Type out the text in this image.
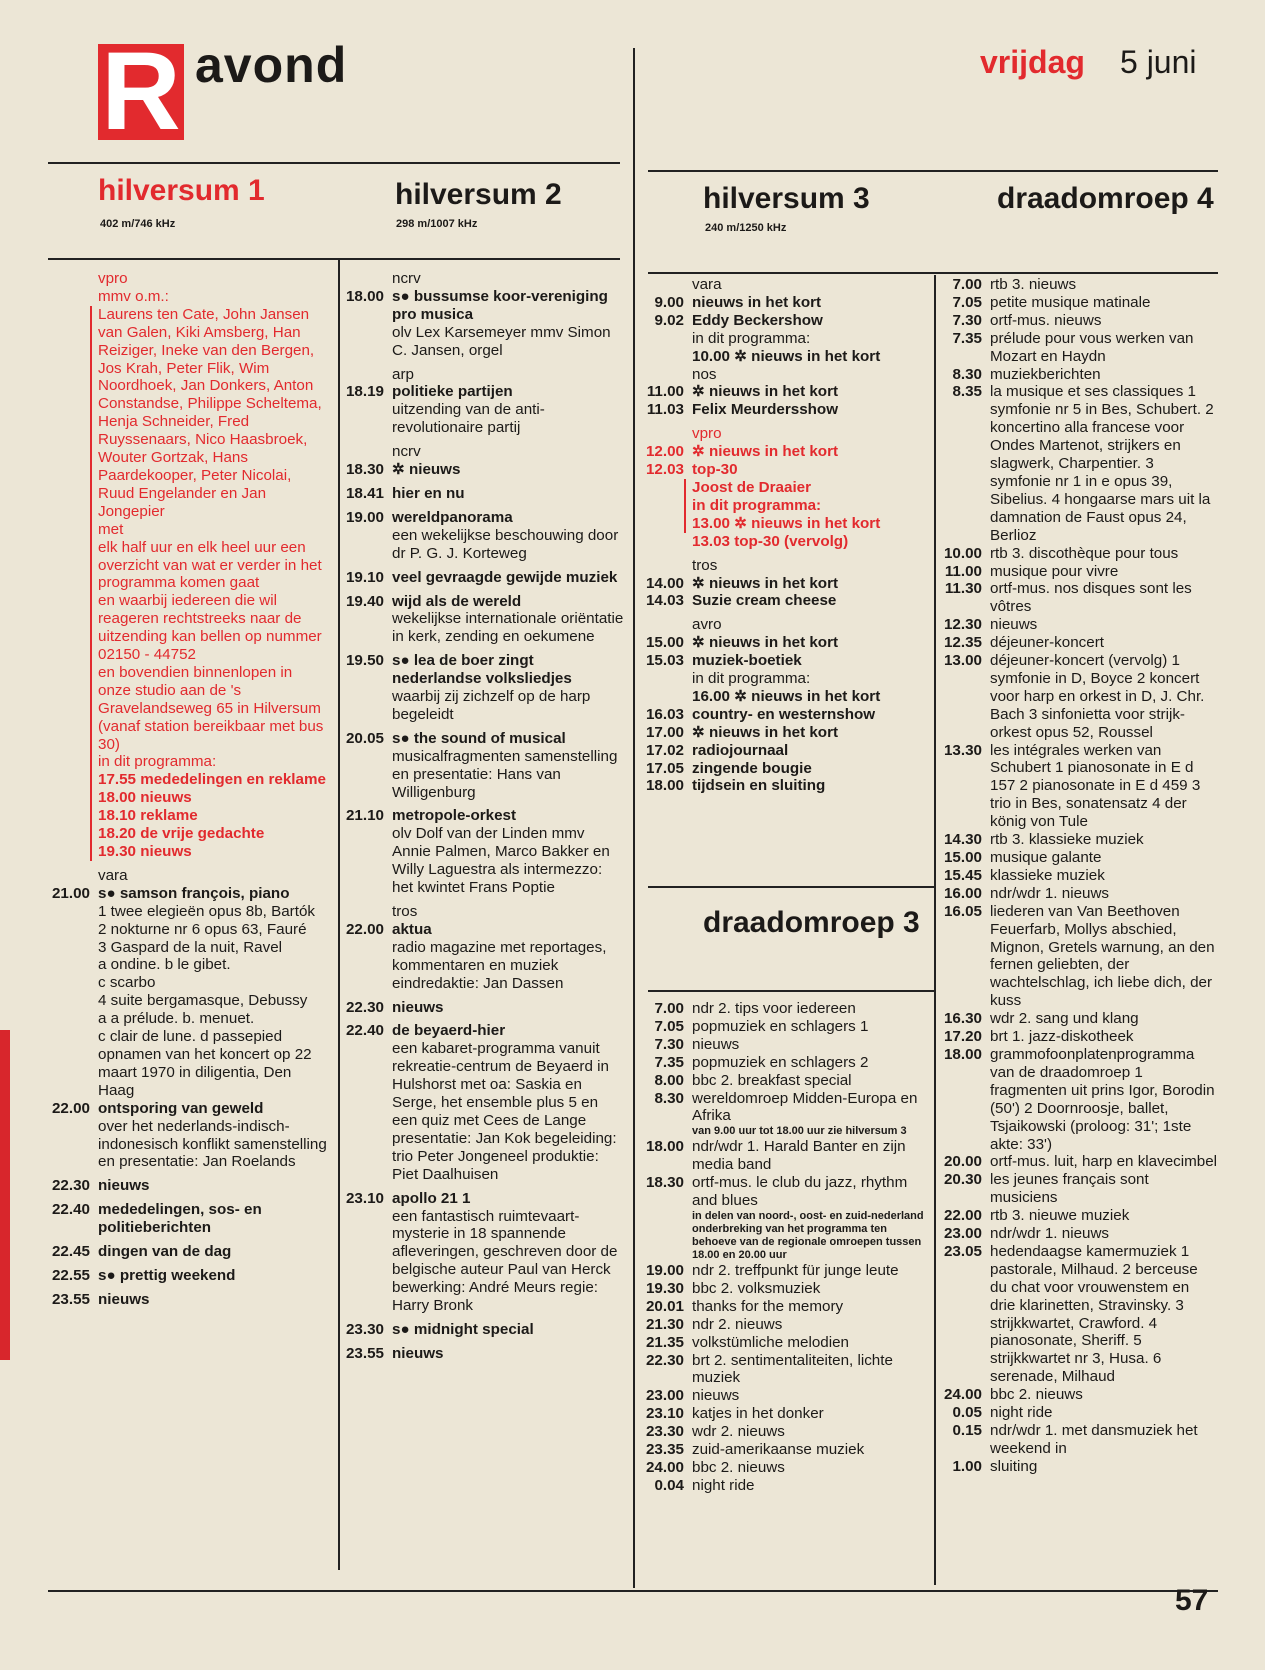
R avond	vrijdag 5 juni
hilversum 1
402 m/746 kHz
hilversum 2
298 m/1007 kHz
hilversum 3
240 m/1250 kHz
draadomroep 4
draadomroep 3
vpro
mmv o.m.:
Laurens ten Cate, John Jansen van Galen, Kiki Amsberg, Han Reiziger, Ineke van den Bergen, Jos Krah, Peter Flik, Wim Noordhoek, Jan Donkers, Anton Constandse, Philippe Scheltema, Henja Schneider, Fred Ruyssenaars, Nico Haasbroek, Wouter Gortzak, Hans Paardekooper, Peter Nicolai, Ruud Engelander en Jan Jongepier
met
elk half uur en elk heel uur een overzicht van wat er verder in het programma komen gaat
en waarbij iedereen die wil reageren rechtstreeks naar de uitzending kan bellen op nummer 02150 - 44752
en bovendien binnenlopen in onze studio aan de 's Gravelandseweg 65 in Hilversum (vanaf station bereikbaar met bus 30)
in dit programma:
17.55 mededelingen en reklame
18.00 nieuws
18.10 reklame
18.20 de vrije gedachte
19.30 nieuws
vara
21.00 s● samson françois, piano
1 twee elegieën opus 8b, Bartók
2 nokturne nr 6 opus 63, Fauré
3 Gaspard de la nuit, Ravel
a ondine. b le gibet.
c scarbo
4 suite bergamasque, Debussy
a a prélude. b. menuet.
c clair de lune. d passepied opnamen van het koncert op 22 maart 1970 in diligentia, Den Haag
22.00 ontsporing van geweld
over het nederlands-indisch-indonesisch konflikt samenstelling en presentatie: Jan Roelands
22.30 nieuws
22.40 mededelingen, sos- en politieberichten
22.45 dingen van de dag
22.55 s● prettig weekend
23.55 nieuws
ncrv
18.00 s● bussumse koor-vereniging pro musica
olv Lex Karsemeyer mmv Simon C. Jansen, orgel
arp
18.19 politieke partijen
uitzending van de anti-revolutionaire partij
ncrv
18.30 ✲ nieuws
18.41 hier en nu
19.00 wereldpanorama
een wekelijkse beschouwing door dr P. G. J. Korteweg
19.10 veel gevraagde gewijde muziek
19.40 wijd als de wereld
wekelijkse internationale oriëntatie in kerk, zending en oekumene
19.50 s● lea de boer zingt nederlandse volksliedjes
waarbij zij zichzelf op de harp begeleidt
20.05 s● the sound of musical
musicalfragmenten samenstelling en presentatie: Hans van Willigenburg
21.10 metropole-orkest
olv Dolf van der Linden mmv Annie Palmen, Marco Bakker en Willy Laguestra als intermezzo: het kwintet Frans Poptie
tros
22.00 aktua
radio magazine met reportages, kommentaren en muziek eindredaktie: Jan Dassen
22.30 nieuws
22.40 de beyaerd-hier
een kabaret-programma vanuit rekreatie-centrum de Beyaerd in Hulshorst met oa: Saskia en Serge, het ensemble plus 5 en een quiz met Cees de Lange presentatie: Jan Kok begeleiding: trio Peter Jongeneel produktie: Piet Daalhuisen
23.10 apollo 21 1
een fantastisch ruimtevaart-mysterie in 18 spannende afleveringen, geschreven door de belgische auteur Paul van Herck bewerking: André Meurs regie: Harry Bronk
23.30 s● midnight special
23.55 nieuws
vara
9.00 nieuws in het kort
9.02 Eddy Beckershow
in dit programma:
10.00 ✲ nieuws in het kort
nos
11.00 ✲ nieuws in het kort
11.03 Felix Meurdersshow
vpro
12.00 ✲ nieuws in het kort
12.03 top-30
Joost de Draaier
in dit programma:
13.00 ✲ nieuws in het kort
13.03 top-30 (vervolg)
tros
14.00 ✲ nieuws in het kort
14.03 Suzie cream cheese
avro
15.00 ✲ nieuws in het kort
15.03 muziek-boetiek
in dit programma:
16.00 ✲ nieuws in het kort
16.03 country- en westernshow
17.00 ✲ nieuws in het kort
17.02 radiojournaal
17.05 zingende bougie
18.00 tijdsein en sluiting
7.00 ndr 2. tips voor iedereen
7.05 popmuziek en schlagers 1
7.30 nieuws
7.35 popmuziek en schlagers 2
8.00 bbc 2. breakfast special
8.30 wereldomroep Midden-Europa en Afrika
van 9.00 uur tot 18.00 uur zie hilversum 3
18.00 ndr/wdr 1. Harald Banter en zijn media band
18.30 ortf-mus. le club du jazz, rhythm and blues
in delen van noord-, oost- en zuid-nederland onderbreking van het programma ten behoeve van de regionale omroepen tussen 18.00 en 20.00 uur
19.00 ndr 2. treffpunkt für junge leute
19.30 bbc 2. volksmuziek
20.01 thanks for the memory
21.30 ndr 2. nieuws
21.35 volkstümliche melodien
22.30 brt 2. sentimentaliteiten, lichte muziek
23.00 nieuws
23.10 katjes in het donker
23.30 wdr 2. nieuws
23.35 zuid-amerikaanse muziek
24.00 bbc 2. nieuws
0.04 night ride
7.00 rtb 3. nieuws
7.05 petite musique matinale
7.30 ortf-mus. nieuws
7.35 prélude pour vous werken van Mozart en Haydn
8.30 muziekberichten
8.35 la musique et ses classiques 1 symfonie nr 5 in Bes, Schubert. 2 koncertino alla francese voor Ondes Martenot, strijkers en slagwerk, Charpentier. 3 symfonie nr 1 in e opus 39, Sibelius. 4 hongaarse mars uit la damnation de Faust opus 24, Berlioz
10.00 rtb 3. discothèque pour tous
11.00 musique pour vivre
11.30 ortf-mus. nos disques sont les vôtres
12.30 nieuws
12.35 déjeuner-koncert
13.00 déjeuner-koncert (vervolg) 1 symfonie in D, Boyce 2 koncert voor harp en orkest in D, J. Chr. Bach 3 sinfonietta voor strijk-orkest opus 52, Roussel
13.30 les intégrales werken van Schubert 1 pianosonate in E d 157 2 pianosonate in E d 459 3 trio in Bes, sonatensatz 4 der könig von Tule
14.30 rtb 3. klassieke muziek
15.00 musique galante
15.45 klassieke muziek
16.00 ndr/wdr 1. nieuws
16.05 liederen van Van Beethoven Feuerfarb, Mollys abschied, Mignon, Gretels warnung, an den fernen geliebten, der wachtelschlag, ich liebe dich, der kuss
16.30 wdr 2. sang und klang
17.20 brt 1. jazz-diskotheek
18.00 grammofoonplatenprogramma van de draadomroep 1 fragmenten uit prins Igor, Borodin (50') 2 Doornroosje, ballet, Tsjaikowski (proloog: 31'; 1ste akte: 33')
20.00 ortf-mus. luit, harp en klavecimbel
20.30 les jeunes français sont musiciens
22.00 rtb 3. nieuwe muziek
23.00 ndr/wdr 1. nieuws
23.05 hedendaagse kamermuziek 1 pastorale, Milhaud. 2 berceuse du chat voor vrouwenstem en drie klarinetten, Stravinsky. 3 strijkkwartet, Crawford. 4 pianosonate, Sheriff. 5 strijkkwartet nr 3, Husa. 6 serenade, Milhaud
24.00 bbc 2. nieuws
0.05 night ride
0.15 ndr/wdr 1. met dansmuziek het weekend in
1.00 sluiting
57
